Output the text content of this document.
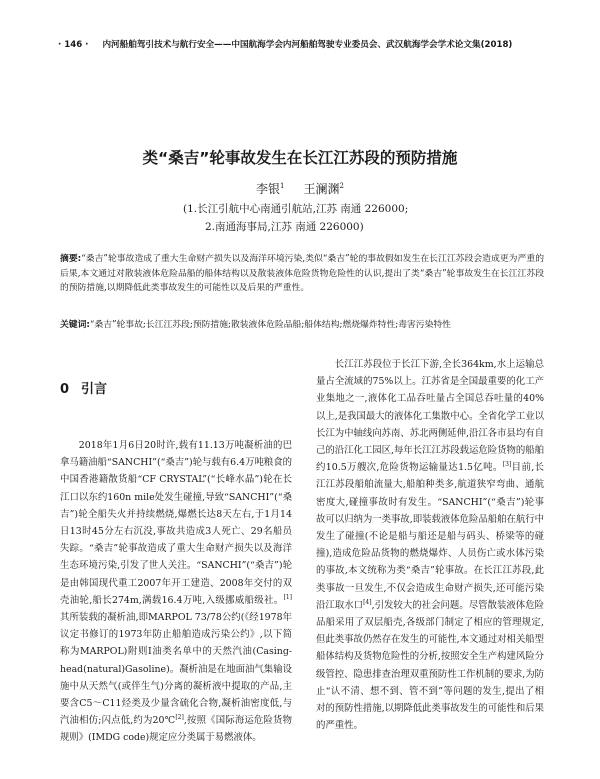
· 146 · 内河船舶驾引技术与航行安全——中国航海学会内河船舶驾驶专业委员会、武汉航海学会学术论文集(2018)
类“桑吉”轮事故发生在长江江苏段的预防措施
李银$^1$ 王澜渊$^2$
(1.长江引航中心南通引航站,江苏 南通 226000;
2.南通海事局,江苏 南通 226000)
摘要:“桑吉”轮事故造成了重大生命财产损失以及海洋环境污染,类似“桑吉”轮的事故假如发生在长江江苏段会造成更为严重的后果,本文通过对散装液体危险品船的船体结构以及散装液体危险货物危险性的认识,提出了类“桑吉”轮事故发生在长江江苏段的预防措施,以期降低此类事故发生的可能性以及后果的严重性。
关键词:“桑吉”轮事故;长江江苏段;预防措施;散装液体危险品船;船体结构;燃烧爆炸特性;毒害污染特性
0 引言
2018年1月6日20时许,载有11.13万吨凝析油的巴拿马籍油船“SANCHI”(“桑吉”)轮与载有6.4万吨粮食的中国香港籍散货船“CF CRYSTAL”(“长峰水晶”)轮在长江口以东约160n mile处发生碰撞,导致“SANCHI”(“桑吉”)轮全船失火并持续燃烧,爆燃长达8天左右,于1月14日13时45分左右沉没,事故共造成3人死亡、29名船员失踪。“桑吉”轮事故造成了重大生命财产损失以及海洋生态环境污染,引发了世人关注。“SANCHI”(“桑吉”)轮是由韩国现代重工2007年开工建造、2008年交付的双壳油轮,船长274m,满载16.4万吨,入级挪威船级社。[1]其所装载的凝析油,即MARPOL 73/78公约(《经1978年议定书修订的1973年防止船舶造成污染公约》,以下简称为MARPOL)附则Ⅰ油类名单中的天然汽油(Casing-head(natural)Gasoline)。凝析油是在地面油气集输设施中从天然气(或伴生气)分离的凝析液中提取的产品,主要含C5～C11烃类及少量含硫化合物,凝析油密度低,与汽油相仿;闪点低,约为20℃[2],按照《国际海运危险货物规则》(IMDG code)规定应分类属于易燃液体。
长江江苏段位于长江下游,全长364km,水上运输总量占全流域的75%以上。江苏省是全国最重要的化工产业集地之一,液体化工品吞吐量占全国总吞吐量的40%以上,是我国最大的液体化工集散中心。全省化学工业以长江为中轴线向苏南、苏北两侧延伸,沿江各市县均有自己的沿江化工园区,每年长江江苏段载运危险货物的船舶约10.5万艘次,危险货物运输量达1.5亿吨。[3]目前,长江江苏段船舶流量大,船舶种类多,航道狭窄弯曲、通航密度大,碰撞事故时有发生。“SANCHI”(“桑吉”)轮事故可以归纳为一类事故,即装载液体危险品船舶在航行中发生了碰撞(不论是船与船还是船与码头、桥梁等的碰撞),造成危险品货物的燃烧爆炸、人员伤亡或水体污染的事故,本文统称为类“桑吉”轮事故。在长江江苏段,此类事故一旦发生,不仅会造成生命财产损失,还可能污染沿江取水口[4],引发较大的社会问题。尽管散装液体危险品船采用了双层船壳,各级部门制定了相应的管理规定,但此类事故仍然存在发生的可能性,本文通过对相关船型船体结构及货物危险性的分析,按照安全生产构建风险分级管控、隐患排查治理双重预防性工作机制的要求,为防止“认不清、想不到、管不到”等问题的发生,提出了相对的预防性措施,以期降低此类事故发生的可能性和后果的严重性。
